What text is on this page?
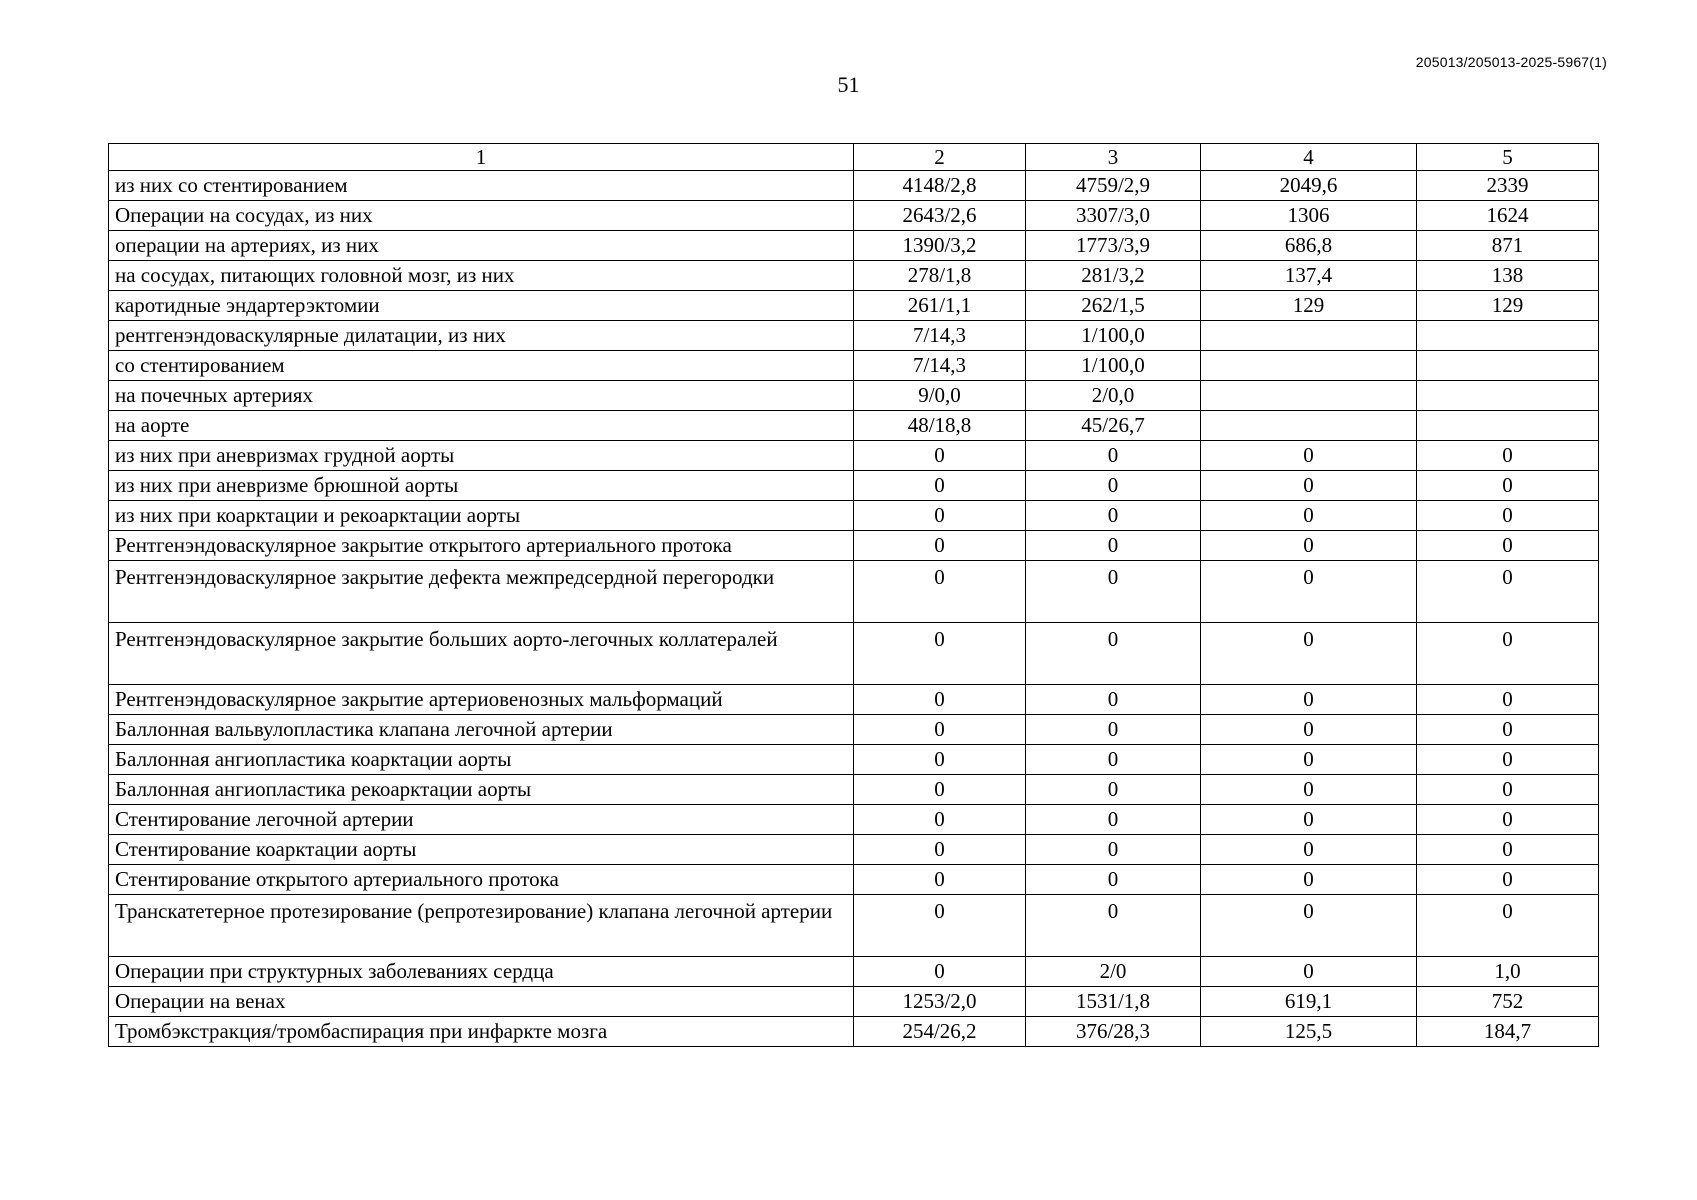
205013/205013-2025-5967(1)
51
1	2	3	4	5
из них со стентированием	4148/2,8	4759/2,9	2049,6	2339
Операции на сосудах, из них	2643/2,6	3307/3,0	1306	1624
операции на артериях, из них	1390/3,2	1773/3,9	686,8	871
на сосудах, питающих головной мозг, из них	278/1,8	281/3,2	137,4	138
каротидные эндартерэктомии	261/1,1	262/1,5	129	129
рентгенэндоваскулярные дилатации, из них	7/14,3	1/100,0		
со стентированием	7/14,3	1/100,0		
на почечных артериях	9/0,0	2/0,0		
на аорте	48/18,8	45/26,7		
из них при аневризмах грудной аорты	0	0	0	0
из них при аневризме брюшной аорты	0	0	0	0
из них при коарктации и рекоарктации аорты	0	0	0	0
Рентгенэндоваскулярное закрытие открытого артериального протока	0	0	0	0
Рентгенэндоваскулярное закрытие дефекта межпредсердной перегородки	0	0	0	0
Рентгенэндоваскулярное закрытие больших аорто-легочных коллатералей	0	0	0	0
Рентгенэндоваскулярное закрытие артериовенозных мальформаций	0	0	0	0
Баллонная вальвулопластика клапана легочной артерии	0	0	0	0
Баллонная ангиопластика коарктации аорты	0	0	0	0
Баллонная ангиопластика рекоарктации аорты	0	0	0	0
Стентирование легочной артерии	0	0	0	0
Стентирование коарктации аорты	0	0	0	0
Стентирование открытого артериального протока	0	0	0	0
Транскатетерное протезирование (репротезирование) клапана легочной артерии	0	0	0	0
Операции при структурных заболеваниях сердца	0	2/0	0	1,0
Операции на венах	1253/2,0	1531/1,8	619,1	752
Тромбэкстракция/тромбаспирация при инфаркте мозга	254/26,2	376/28,3	125,5	184,7
